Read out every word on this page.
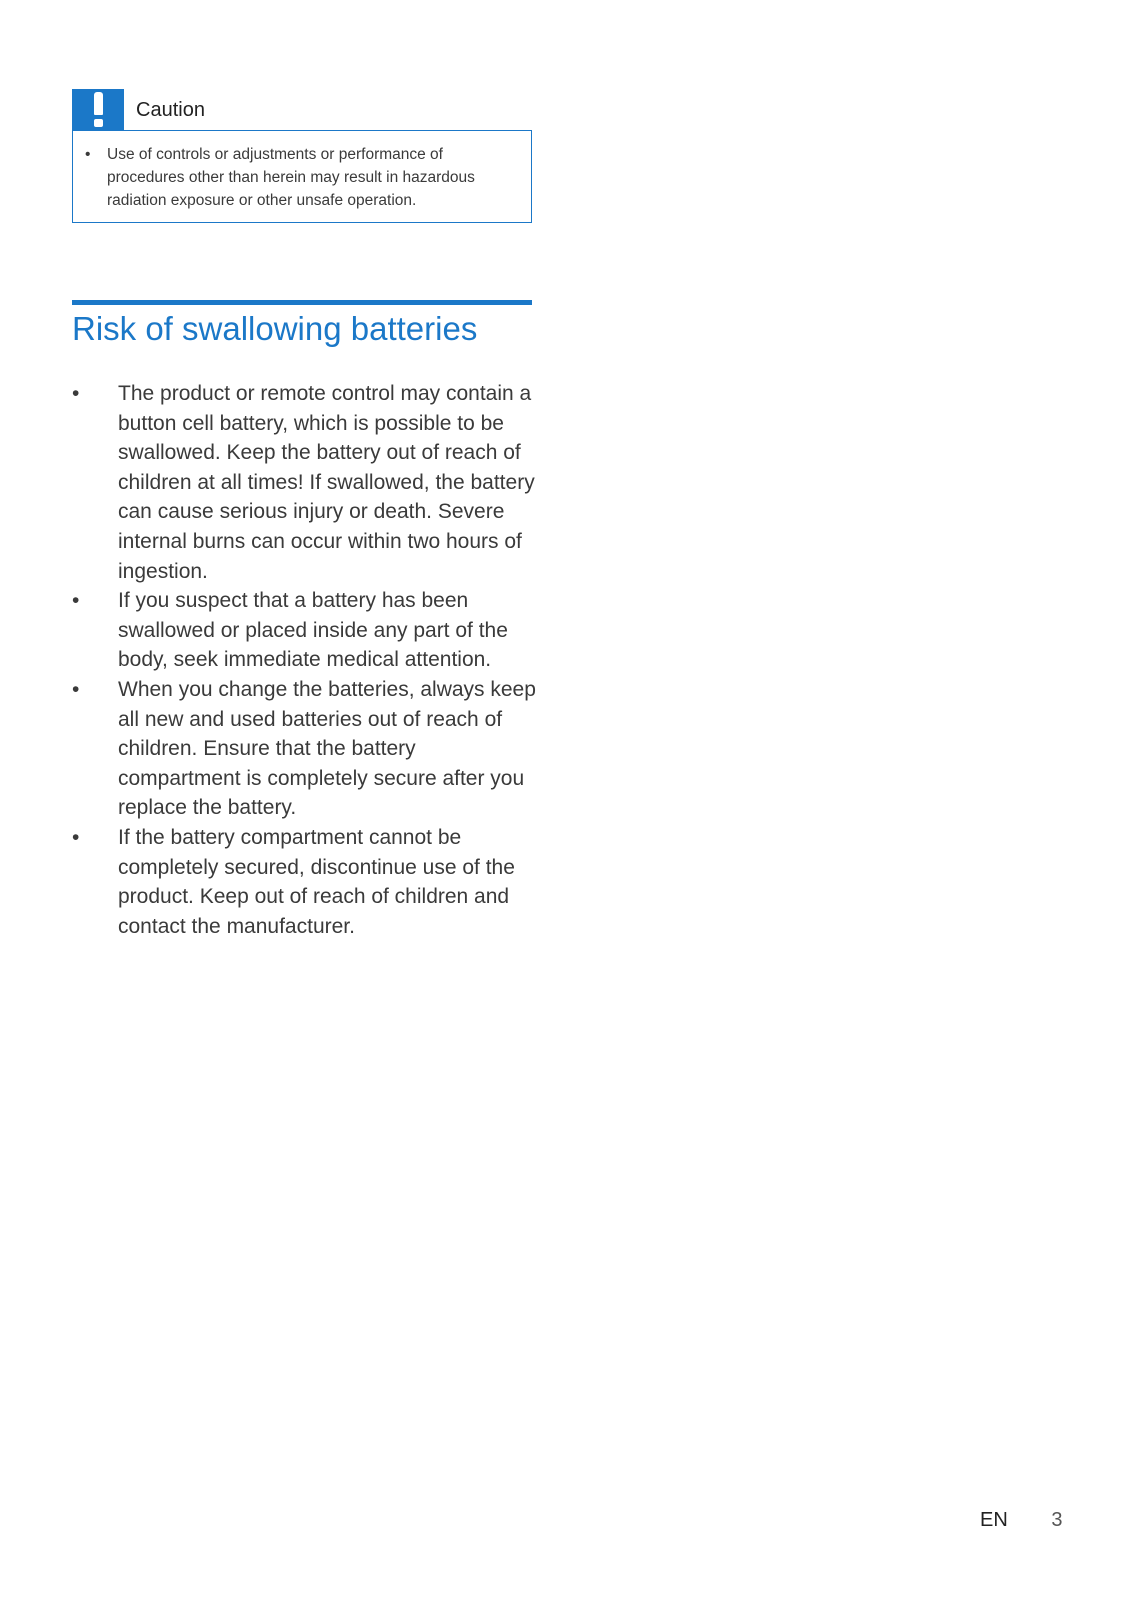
Caution
• Use of controls or adjustments or performance of procedures other than herein may result in hazardous radiation exposure or other unsafe operation.
Risk of swallowing batteries
• The product or remote control may contain a button cell battery, which is possible to be swallowed. Keep the battery out of reach of children at all times! If swallowed, the battery can cause serious injury or death. Severe internal burns can occur within two hours of ingestion.
• If you suspect that a battery has been swallowed or placed inside any part of the body, seek immediate medical attention.
• When you change the batteries, always keep all new and used batteries out of reach of children. Ensure that the battery compartment is completely secure after you replace the battery.
• If the battery compartment cannot be completely secured, discontinue use of the product. Keep out of reach of children and contact the manufacturer.
EN 3
